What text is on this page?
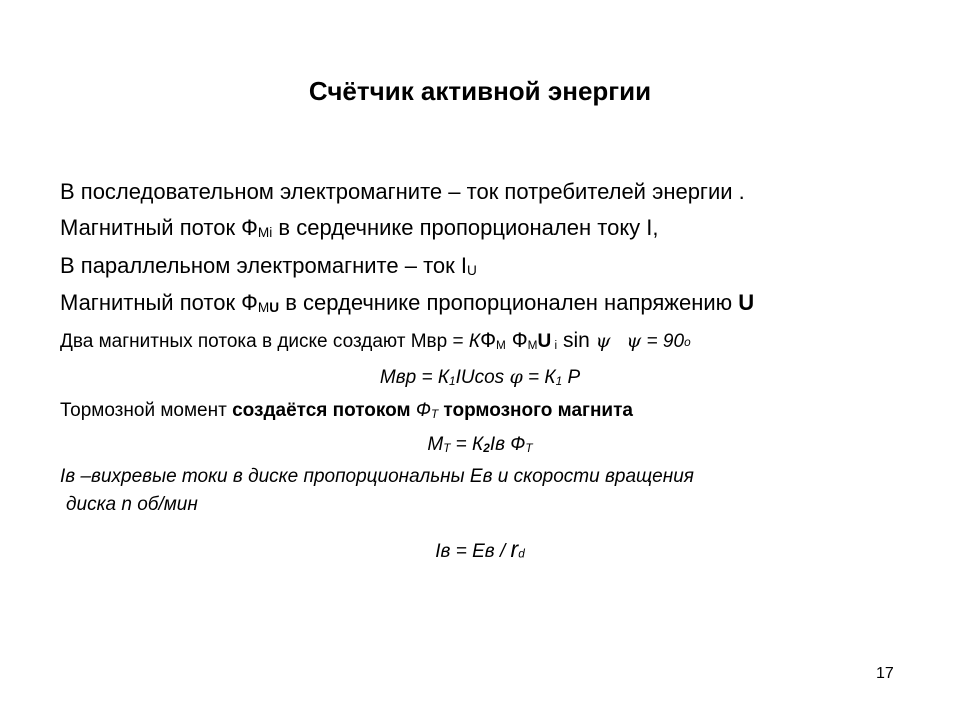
Счётчик активной энергии
В последовательном электромагните – ток потребителей энергии .
Магнитный поток ФMi в сердечнике пропорционален току I,
В параллельном электромагните – ток IU
Магнитный поток ФMU в сердечнике пропорционален напряжению U
Два магнитных потока в диске создают Мвр = КФМ ФМU i sin ψ ψ = 90о
Мвр = К1IUcos φ = К1 Р
Тормозной момент создаётся потоком ФТ тормозного магнита
МТ = К2Iв ФТ
Iв –вихревые токи в диске пропорциональны Ев и скорости вращения
диска n об/мин
Iв = Ев / rd
17
